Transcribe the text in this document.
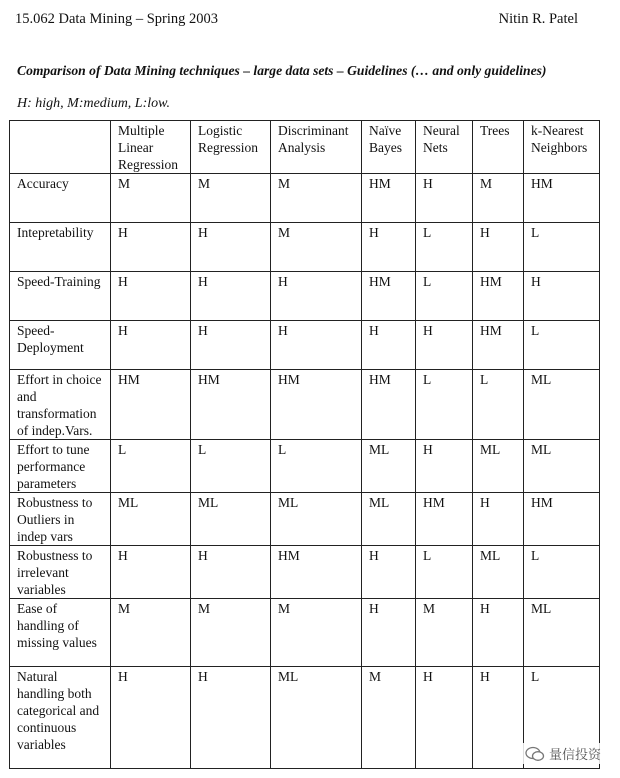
15.062 Data Mining – Spring 2003	Nitin R. Patel
Comparison of Data Mining techniques – large data sets – Guidelines (… and only guidelines)
H: high, M:medium, L:low.
	Multiple Linear Regression	Logistic Regression	Discriminant Analysis	Naïve Bayes	Neural Nets	Trees	k-Nearest Neighbors
Accuracy	M	M	M	HM	H	M	HM
Intepretability	H	H	M	H	L	H	L
Speed-Training	H	H	H	HM	L	HM	H
Speed-Deployment	H	H	H	H	H	HM	L
Effort in choice and transformation of indep.Vars.	HM	HM	HM	HM	L	L	ML
Effort to tune performance parameters	L	L	L	ML	H	ML	ML
Robustness to Outliers in indep vars	ML	ML	ML	ML	HM	H	HM
Robustness to irrelevant variables	H	H	HM	H	L	ML	L
Ease of handling of missing values	M	M	M	H	M	H	ML
Natural handling both categorical and continuous variables	H	H	ML	M	H	H	L
量信投资
